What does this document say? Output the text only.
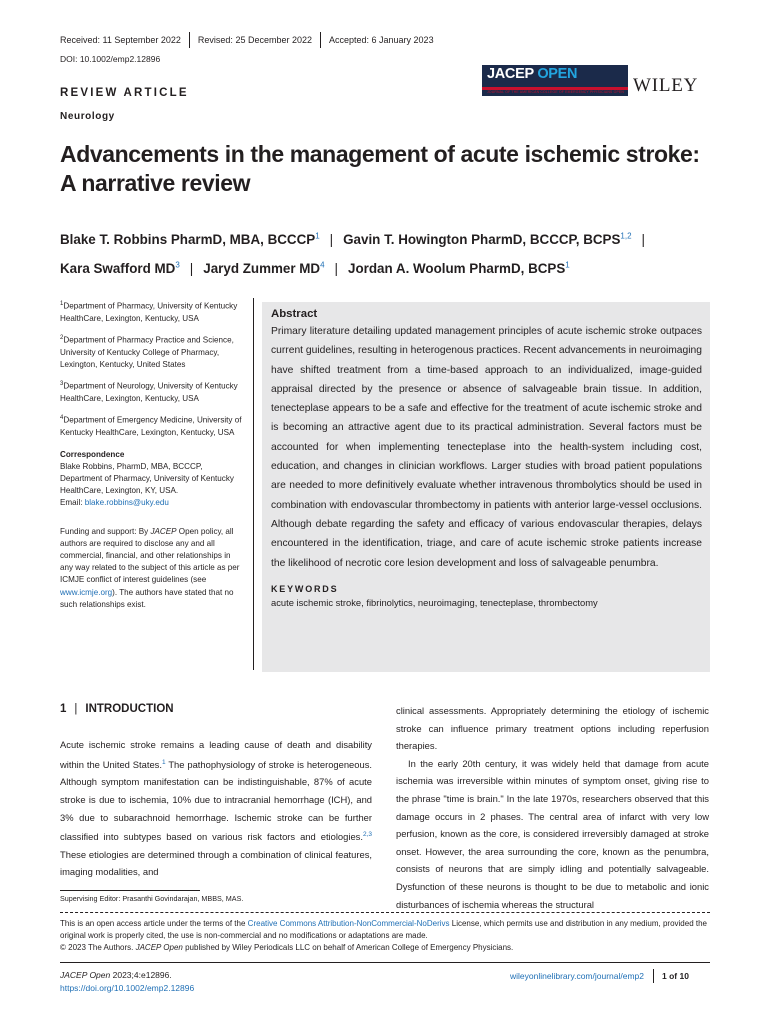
Received: 11 September 2022 Revised: 25 December 2022 Accepted: 6 January 2023
DOI: 10.1002/emp2.12896
JACEP OPEN
JOURNAL OF THE AMERICAN COLLEGE OF EMERGENCY PHYSICIANS OPEN WILEY
REVIEW ARTICLE
Neurology
Advancements in the management of acute ischemic stroke: A narrative review
Blake T. Robbins PharmD, MBA, BCCCP$^1$ | Gavin T. Howington PharmD, BCCCP, BCPS$^{1,2}$ |
Kara Swafford $MD^3$ | Jaryd Zummer $MD^4$ | Jordan A. Woolum PharmD, BCPS$^1$
$^1$Department of Pharmacy, University of Kentucky HealthCare, Lexington, Kentucky, USA
$^2$Department of Pharmacy Practice and Science, University of Kentucky College of Pharmacy, Lexington, Kentucky, United States
$^3$Department of Neurology, University of Kentucky HealthCare, Lexington, Kentucky, USA
$^4$Department of Emergency Medicine, University of Kentucky HealthCare, Lexington, Kentucky, USA
Correspondence
Blake Robbins, PharmD, MBA, BCCCP, Department of Pharmacy, University of Kentucky HealthCare, Lexington, KY, USA.
Email: blake.robbins@uky.edu
Funding and support: By JACEP Open policy, all authors are required to disclose any and all commercial, financial, and other relationships in any way related to the subject of this article as per ICMJE conflict of interest guidelines (see www.icmje.org). The authors have stated that no such relationships exist.
Abstract
Primary literature detailing updated management principles of acute ischemic stroke outpaces current guidelines, resulting in heterogenous practices. Recent advancements in neuroimaging have shifted treatment from a time-based approach to an individualized, image-guided appraisal directed by the presence or absence of salvageable brain tissue. In addition, tenecteplase appears to be a safe and effective for the treatment of acute ischemic stroke and is becoming an attractive agent due to its practical administration. Several factors must be accounted for when implementing tenecteplase into the health-system including cost, education, and changes in clinician workflows. Larger studies with broad patient populations are needed to more definitively evaluate whether intravenous thrombolytics should be used in combination with endovascular thrombectomy in patients with anterior large-vessel occlusions. Although debate regarding the safety and efficacy of various endovascular therapies, delays encountered in the identification, triage, and care of acute ischemic stroke patients increase the likelihood of necrotic core lesion development and loss of salvageable penumbra.
KEYWORDS
acute ischemic stroke, fibrinolytics, neuroimaging, tenecteplase, thrombectomy
1 | INTRODUCTION
Acute ischemic stroke remains a leading cause of death and disability within the United States.$^1$ The pathophysiology of stroke is heterogeneous. Although symptom manifestation can be indistinguishable, 87% of acute stroke is due to ischemia, 10% due to intracranial hemorrhage (ICH), and 3% due to subarachnoid hemorrhage. Ischemic stroke can be further classified into subtypes based on various risk factors and etiologies.$^{2,3}$ These etiologies are determined through a combination of clinical features, imaging modalities, and

clinical assessments. Appropriately determining the etiology of ischemic stroke can influence primary treatment options including reperfusion therapies.

In the early 20th century, it was widely held that damage from acute ischemia was irreversible within minutes of symptom onset, giving rise to the phrase "time is brain." In the late 1970s, researchers observed that this damage occurs in 2 phases. The central area of infarct with very low perfusion, known as the core, is considered irreversibly damaged at stroke onset. However, the area surrounding the core, known as the penumbra, consists of neurons that are simply idling and potentially salvageable. Dysfunction of these neurons is thought to be due to metabolic and ionic disturbances of ischemia whereas the structural

Supervising Editor: Prasanthi Govindarajan, MBBS, MAS.
This is an open access article under the terms of the Creative Commons Attribution-NonCommercial-NoDerivs License, which permits use and distribution in any medium, provided the original work is properly cited, the use is non-commercial and no modifications or adaptations are made.
© 2023 The Authors. JACEP Open published by Wiley Periodicals LLC on behalf of American College of Emergency Physicians.
JACEP Open 2023;4:e12896.
https://doi.org/10.1002/emp2.12896
wileyonlinelibrary.com/journal/emp2 1 of 10
